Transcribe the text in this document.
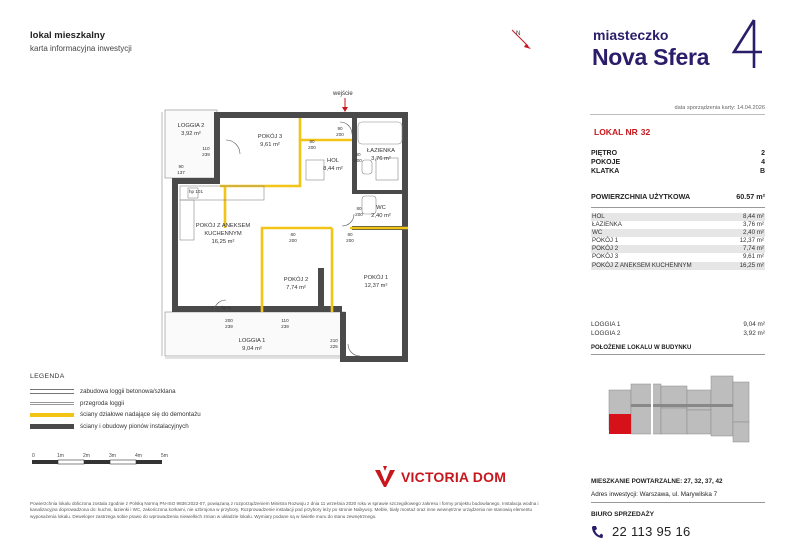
lokal mieszkalny
karta informacyjna inwestycji
N
wejście
LOGGIA 2
3,92 m²	POKÓJ 3
9,61 m²
HOL
8,44 m²
ŁAZIENKA
3,76 m²
WC
2,40 m²
POKÓJ Z ANEKSEM
KUCHENNYM
16,25 m²
POKÓJ 2
7,74 m²
POKÓJ 1
12,37 m²
LOGGIA 1
9,04 m²
110
239
80
200
90
200
80
200
80
200
80
200
80
200
90
137
200
239
110
239
210
225
hp 101
hp 0
LEGENDA
zabudowa loggii betonowa/szklana
przegroda loggii
ściany działowe nadające się do demontażu
ściany i obudowy pionów instalacyjnych
0	1m	2m	3m	4m	5m
VICTORIA DOM
Powierzchnia lokalu obliczona zostala zgodnie z Polską Normą PN-ISO 9836:2022-07, powiązaną z rozporządzeniem Ministra Rozwoju z dnia 11 września 2020 roku w sprawie szczegółowego zakresu i formy projektu budowlanego. Instalacja wodna i kanalizacyjna doprowadzona do: kuchni, łazienki i WC, zakończona korkami, nie uzbrojona w przybory. Rozprowadzenie instalacji pod przybory leży po stronie Nabywcy. Meble, biały montaż oraz inne wewnętrzne urządzenia nie stanowią elementu wyposażenia lokalu. Deweloper zastrzega sobie prawo do wprowadzenia niewielkich zmian w układzie lokalu. Wymiary podane są w świetle muru do stanu zewnętrznego.
miasteczko
Nova Sfera
data sporządzenia karty: 14.04.2026
LOKAL NR 32
PIĘTRO	2
POKOJE	4
KLATKA	B
POWIERZCHNIA UŻYTKOWA	60.57 m²
HOL	8,44 m²
ŁAZIENKA	3,76 m²
WC	2,40 m²
POKÓJ 1	12,37 m²
POKÓJ 2	7,74 m²
POKÓJ 3	9,61 m²
POKÓJ Z ANEKSEM KUCHENNYM	16,25 m²
LOGGIA 1	9,04 m²
LOGGIA 2	3,92 m²
POŁOŻENIE LOKALU W BUDYNKU
MIESZKANIE POWTARZALNE: 27, 32, 37, 42
Adres inwestycji: Warszawa, ul. Marywilska 7
BIURO SPRZEDAŻY
22 113 95 16
